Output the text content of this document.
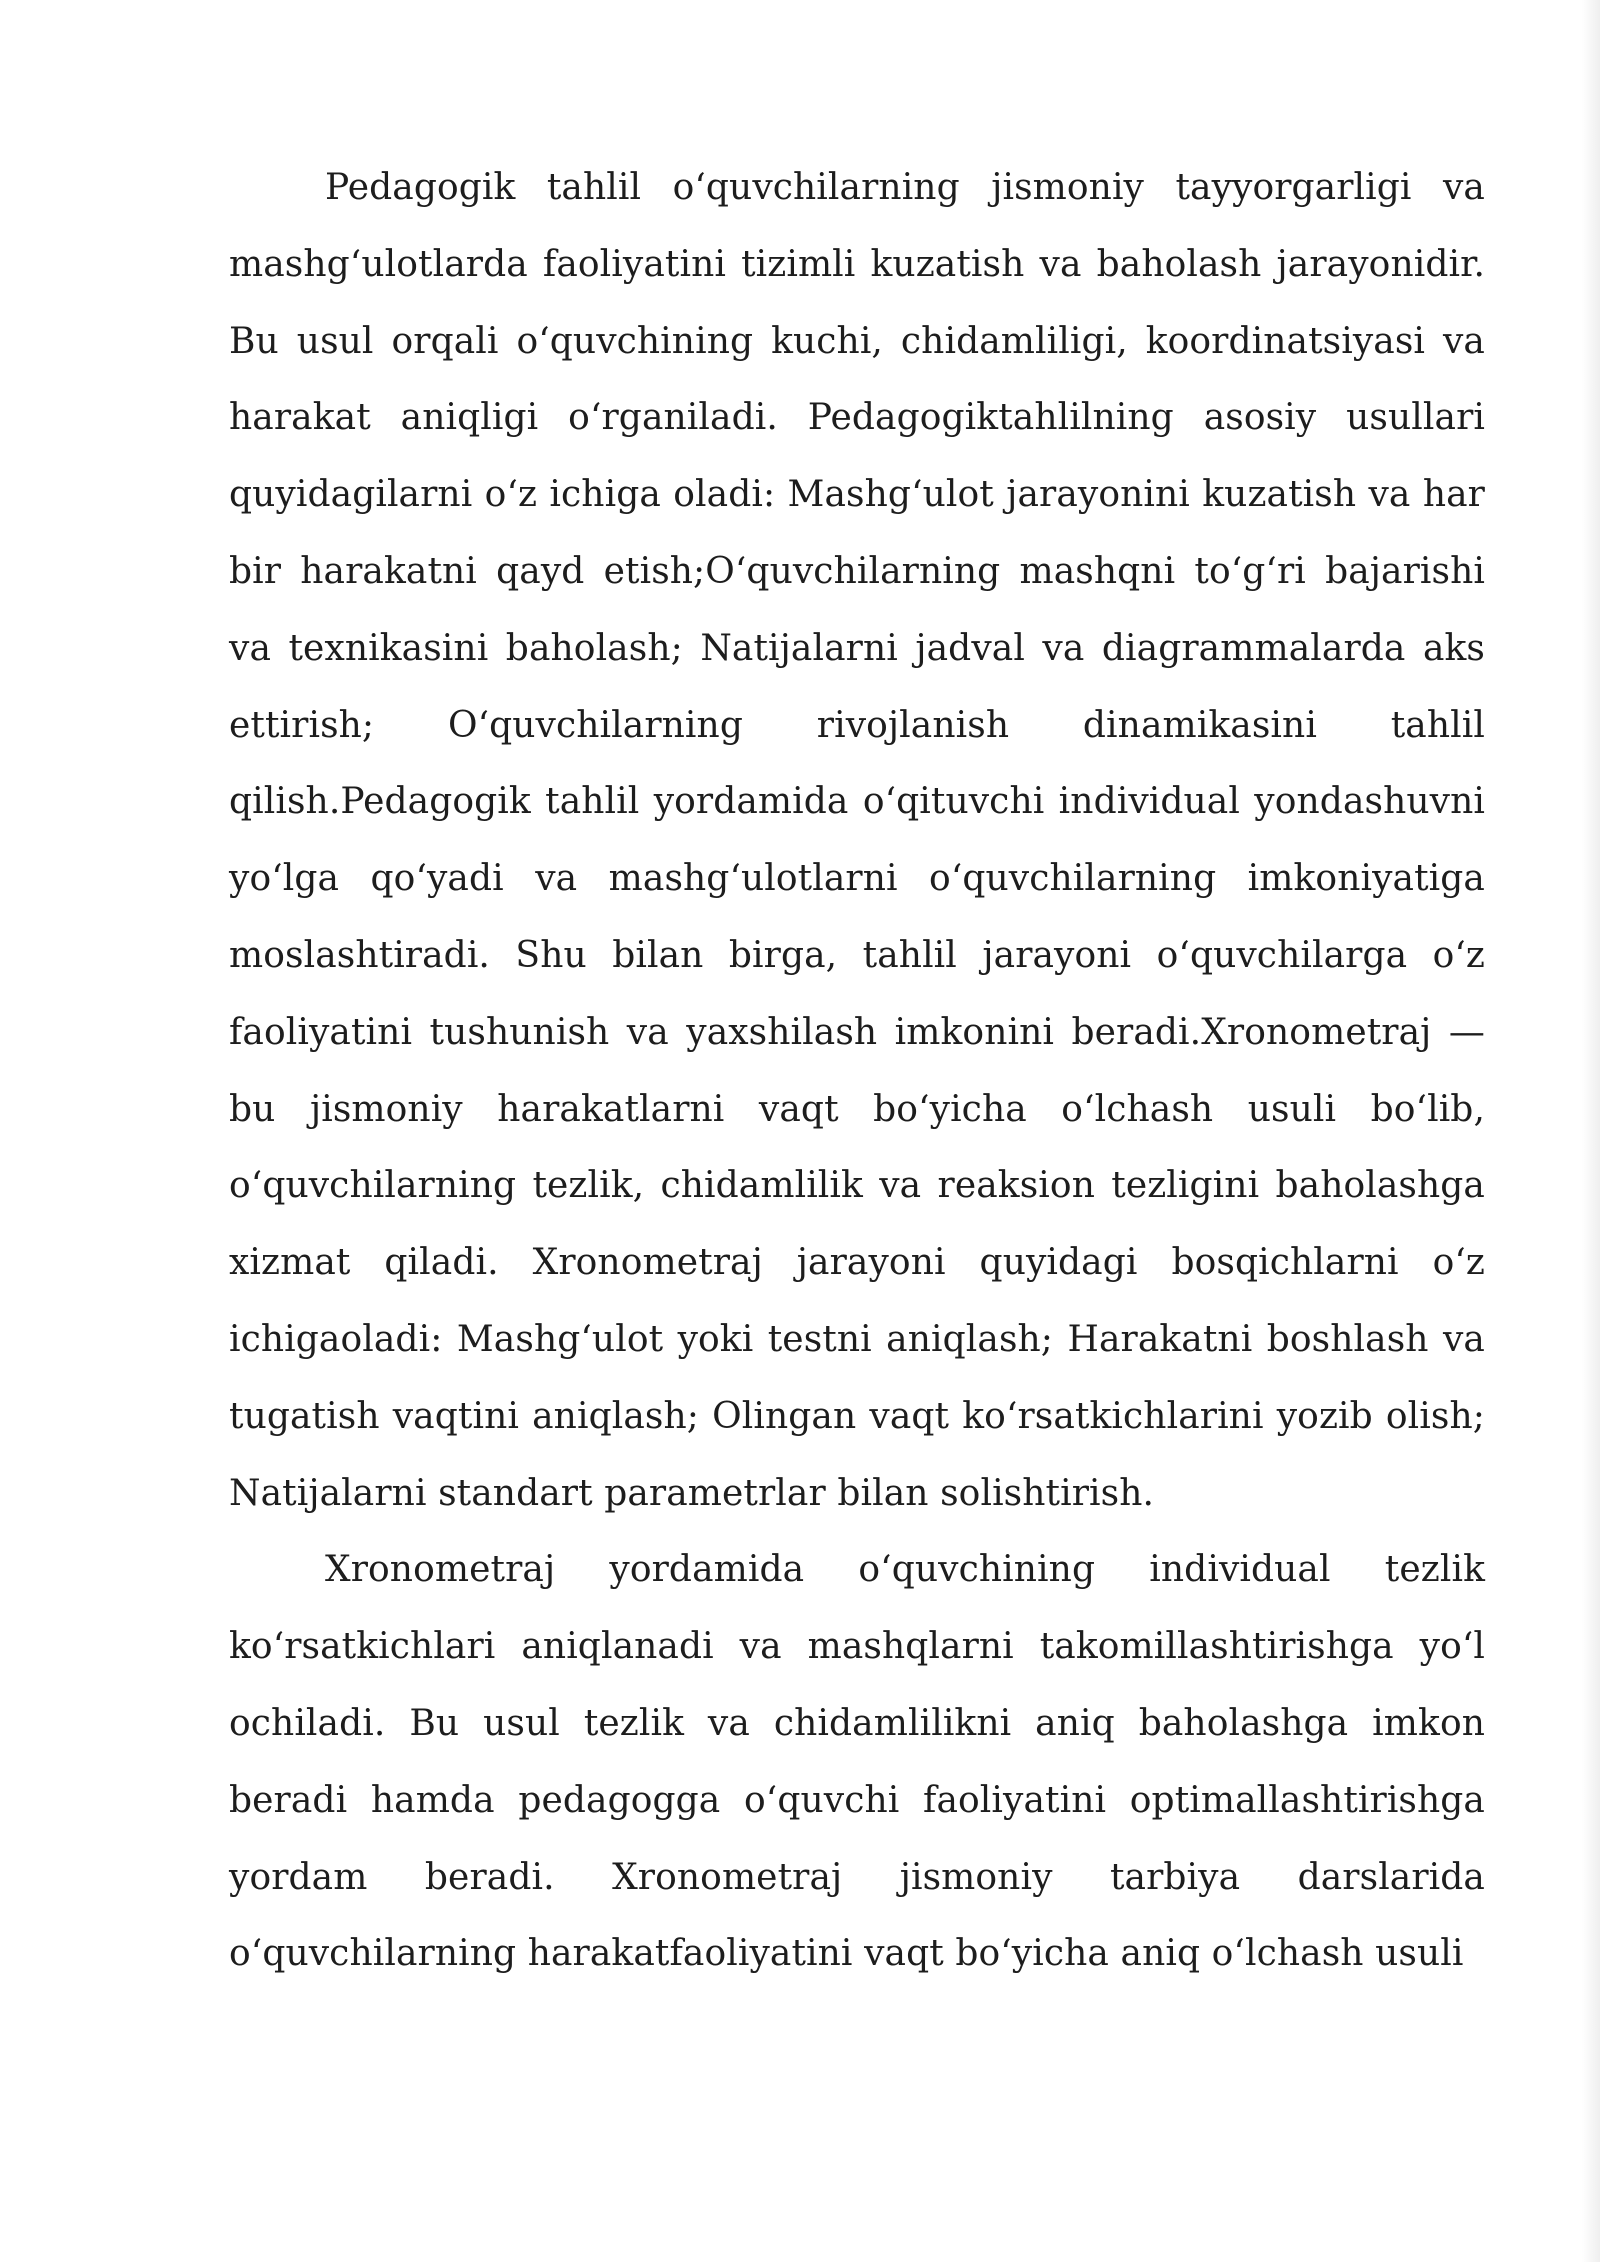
Pedagogik tahlil o‘quvchilarning jismoniy tayyorgarligi va mashg‘ulotlarda faoliyatini tizimli kuzatish va baholash jarayonidir. Bu usul orqali o‘quvchining kuchi, chidamliligi, koordinatsiyasi va harakat aniqligi o‘rganiladi. Pedagogiktahlilning asosiy usullari quyidagilarni o‘z ichiga oladi: Mashg‘ulot jarayonini kuzatish va har bir harakatni qayd etish;O‘quvchilarning mashqni to‘g‘ri bajarishi va texnikasini baholash; Natijalarni jadval va diagrammalarda aks ettirish; O‘quvchilarning rivojlanish dinamikasini tahlil qilish.Pedagogik tahlil yordamida o‘qituvchi individual yondashuvni yo‘lga qo‘yadi va mashg‘ulotlarni o‘quvchilarning imkoniyatiga moslashtiradi. Shu bilan birga, tahlil jarayoni o‘quvchilarga o‘z faoliyatini tushunish va yaxshilash imkonini beradi.Xronometraj —bu jismoniy harakatlarni vaqt bo‘yicha o‘lchash usuli bo‘lib, o‘quvchilarning tezlik, chidamlilik va reaksion tezligini baholashga xizmat qiladi. Xronometraj jarayoni quyidagi bosqichlarni o‘z ichigaoladi: Mashg‘ulot yoki testni aniqlash; Harakatni boshlash va tugatish vaqtini aniqlash; Olingan vaqt ko‘rsatkichlarini yozib olish; Natijalarni standart parametrlar bilan solishtirish.

Xronometraj yordamida o‘quvchining individual tezlik ko‘rsatkichlari aniqlanadi va mashqlarni takomillashtirishga yo‘l ochiladi. Bu usul tezlik va chidamlilikni aniq baholashga imkon beradi hamda pedagogga o‘quvchi faoliyatini optimallashtirishga yordam beradi. Xronometraj jismoniy tarbiya darslarida o‘quvchilarning harakatfaoliyatini vaqt bo‘yicha aniq o‘lchash usuli
